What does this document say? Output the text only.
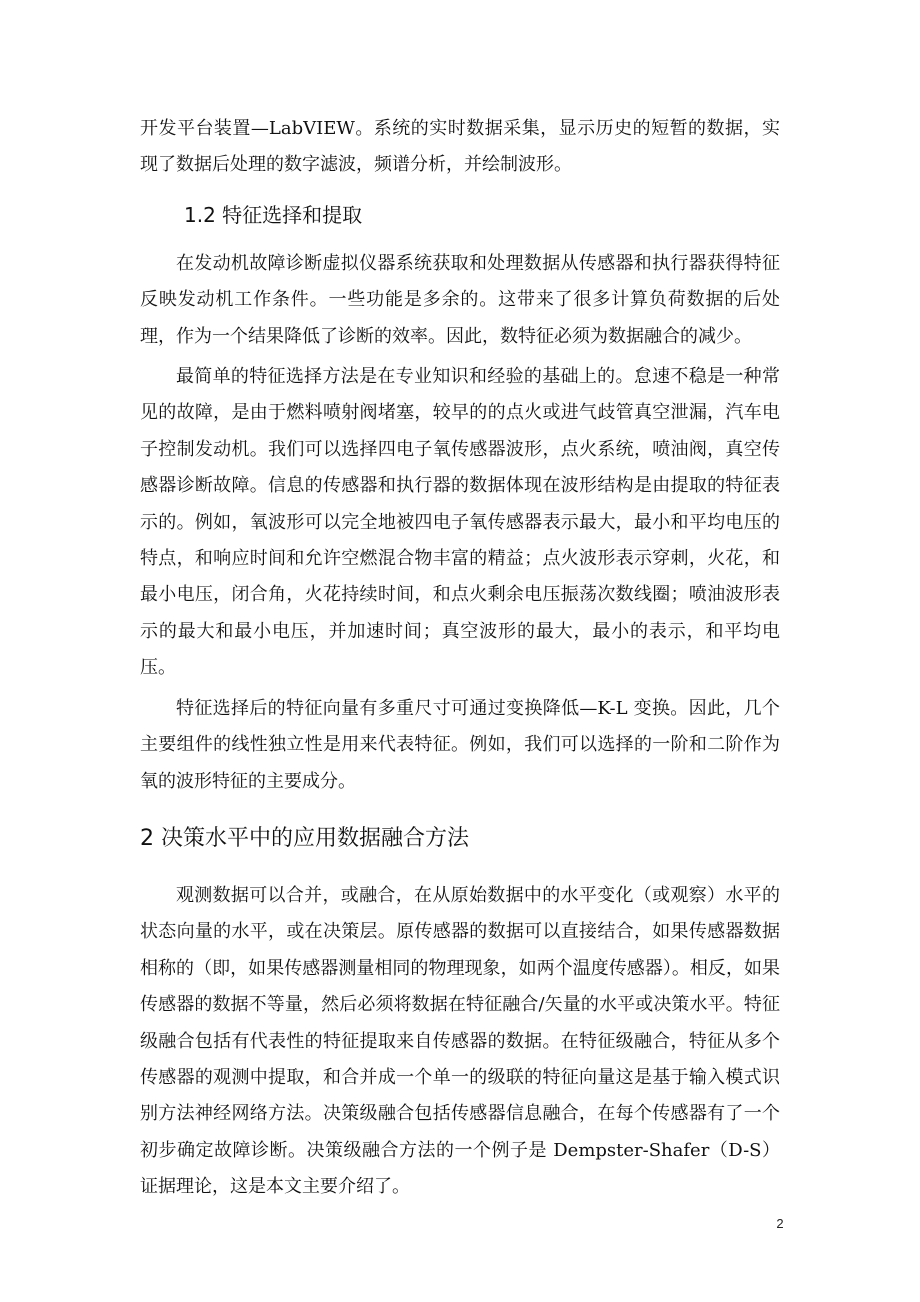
开发平台装置—LabVIEW。系统的实时数据采集，显示历史的短暂的数据，实现了数据后处理的数字滤波，频谱分析，并绘制波形。

1.2 特征选择和提取

在发动机故障诊断虚拟仪器系统获取和处理数据从传感器和执行器获得特征反映发动机工作条件。一些功能是多余的。这带来了很多计算负荷数据的后处理，作为一个结果降低了诊断的效率。因此，数特征必须为数据融合的减少。

最简单的特征选择方法是在专业知识和经验的基础上的。怠速不稳是一种常见的故障，是由于燃料喷射阀堵塞，较早的的点火或进气歧管真空泄漏，汽车电子控制发动机。我们可以选择四电子氧传感器波形，点火系统，喷油阀，真空传感器诊断故障。信息的传感器和执行器的数据体现在波形结构是由提取的特征表示的。例如，氧波形可以完全地被四电子氧传感器表示最大，最小和平均电压的特点，和响应时间和允许空燃混合物丰富的精益；点火波形表示穿刺，火花，和最小电压，闭合角，火花持续时间，和点火剩余电压振荡次数线圈；喷油波形表示的最大和最小电压，并加速时间；真空波形的最大，最小的表示，和平均电压。

特征选择后的特征向量有多重尺寸可通过变换降低—K-L 变换。因此，几个主要组件的线性独立性是用来代表特征。例如，我们可以选择的一阶和二阶作为氧的波形特征的主要成分。

2 决策水平中的应用数据融合方法

观测数据可以合并，或融合，在从原始数据中的水平变化（或观察）水平的状态向量的水平，或在决策层。原传感器的数据可以直接结合，如果传感器数据相称的（即，如果传感器测量相同的物理现象，如两个温度传感器）。相反，如果传感器的数据不等量，然后必须将数据在特征融合/矢量的水平或决策水平。特征级融合包括有代表性的特征提取来自传感器的数据。在特征级融合，特征从多个传感器的观测中提取，和合并成一个单一的级联的特征向量这是基于输入模式识别方法神经网络方法。决策级融合包括传感器信息融合，在每个传感器有了一个初步确定故障诊断。决策级融合方法的一个例子是 Dempster-Shafer（D-S）证据理论，这是本文主要介绍了。

2
